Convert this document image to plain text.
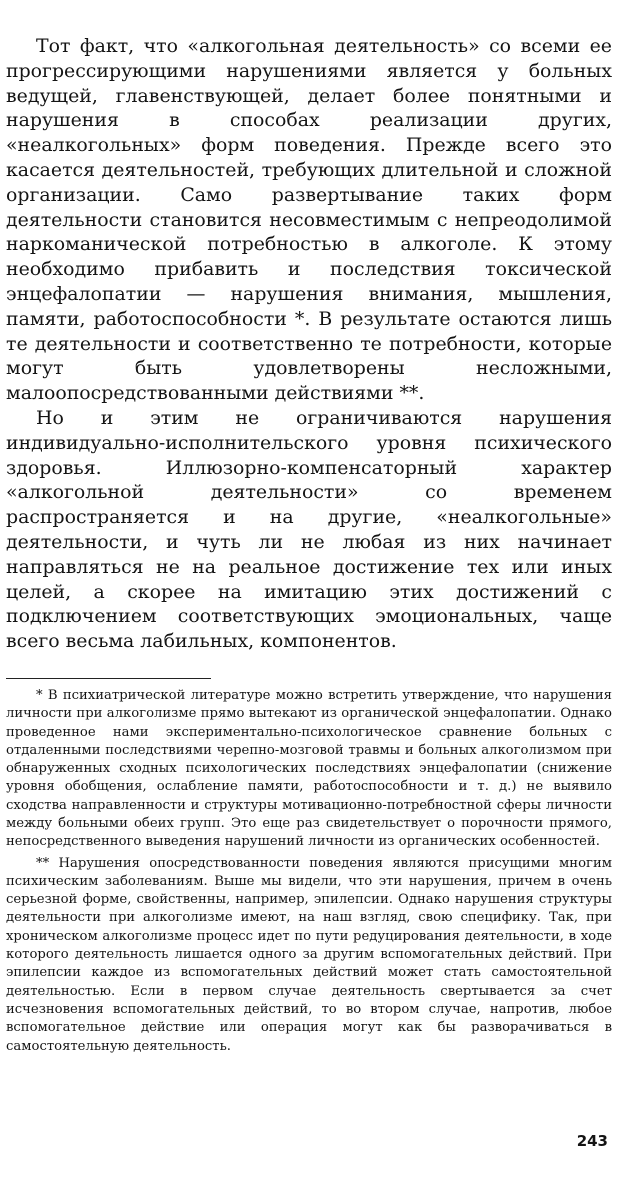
Тот факт, что «алкогольная деятельность» со всеми ее прогрессирующими нарушениями является у больных ведущей, главенствующей, делает более понятными и нарушения в способах реализации других, «неалкогольных» форм поведения. Прежде всего это касается деятельностей, требующих длительной и сложной организации. Само развертывание таких форм деятельности становится несовместимым с непреодолимой наркоманической потребностью в алкоголе. К этому необходимо прибавить и последствия токсической энцефалопатии — нарушения внимания, мышления, памяти, работоспособности *. В результате остаются лишь те деятельности и соответственно те потребности, которые могут быть удовлетворены несложными, малоопосредствованными действиями **.

Но и этим не ограничиваются нарушения индивидуально-исполнительского уровня психического здоровья. Иллюзорно-компенсаторный характер «алкогольной деятельности» со временем распространяется и на другие, «неалкогольные» деятельности, и чуть ли не любая из них начинает направляться не на реальное достижение тех или иных целей, а скорее на имитацию этих достижений с подключением соответствующих эмоциональных, чаще всего весьма лабильных, компонентов.

* В психиатрической литературе можно встретить утверждение, что нарушения личности при алкоголизме прямо вытекают из органической энцефалопатии. Однако проведенное нами экспериментально-психологическое сравнение больных с отдаленными последствиями черепно-мозговой травмы и больных алкоголизмом при обнаруженных сходных психологических последствиях энцефалопатии (снижение уровня обобщения, ослабление памяти, работоспособности и т. д.) не выявило сходства направленности и структуры мотивационно-потребностной сферы личности между больными обеих групп. Это еще раз свидетельствует о порочности прямого, непосредственного выведения нарушений личности из органических особенностей.

** Нарушения опосредствованности поведения являются присущими многим психическим заболеваниям. Выше мы видели, что эти нарушения, причем в очень серьезной форме, свойственны, например, эпилепсии. Однако нарушения структуры деятельности при алкоголизме имеют, на наш взгляд, свою специфику. Так, при хроническом алкоголизме процесс идет по пути редуцирования деятельности, в ходе которого деятельность лишается одного за другим вспомогательных действий. При эпилепсии каждое из вспомогательных действий может стать самостоятельной деятельностью. Если в первом случае деятельность свертывается за счет исчезновения вспомогательных действий, то во втором случае, напротив, любое вспомогательное действие или операция могут как бы разворачиваться в самостоятельную деятельность.

243
